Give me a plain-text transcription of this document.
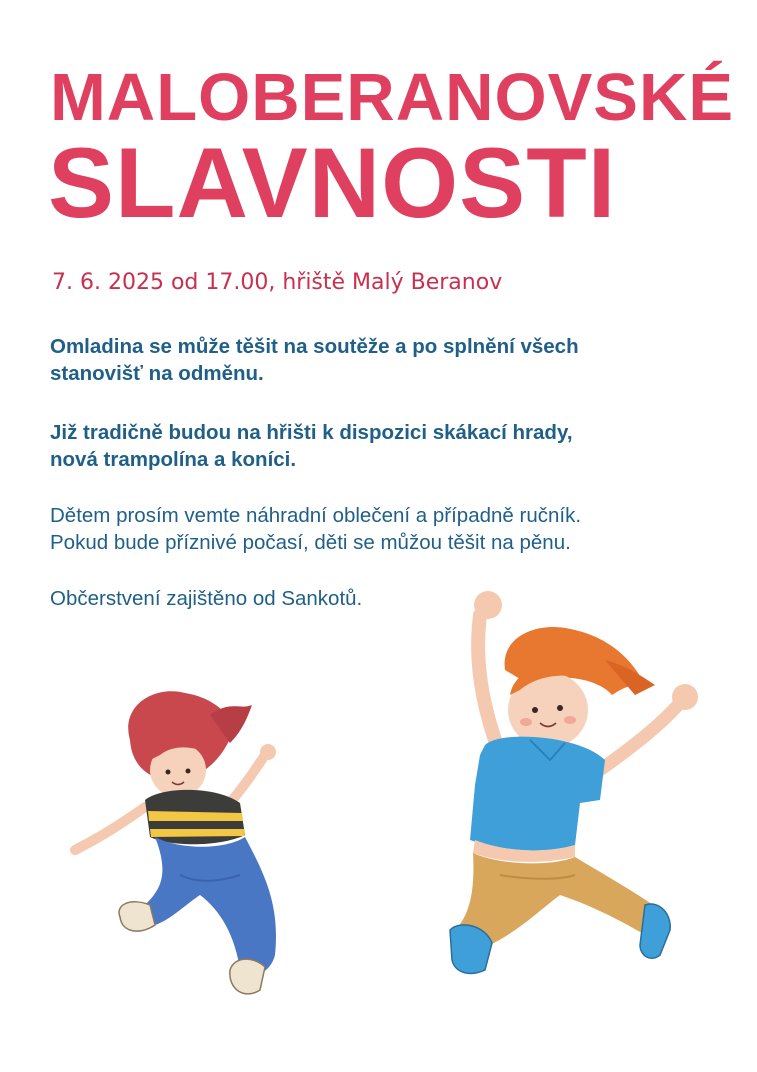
MALOBERANOVSKÉ
SLAVNOSTI
7. 6. 2025 od 17.00, hřiště Malý Beranov
Omladina se může těšit na soutěže a po splnění všech
stanovišť na odměnu.
Již tradičně budou na hřišti k dispozici skákací hrady,
nová trampolína a koníci.
Dětem prosím vemte náhradní oblečení a případně ručník.
Pokud bude příznivé počasí, děti se můžou těšit na pěnu.
Občerstvení zajištěno od Sankotů.
